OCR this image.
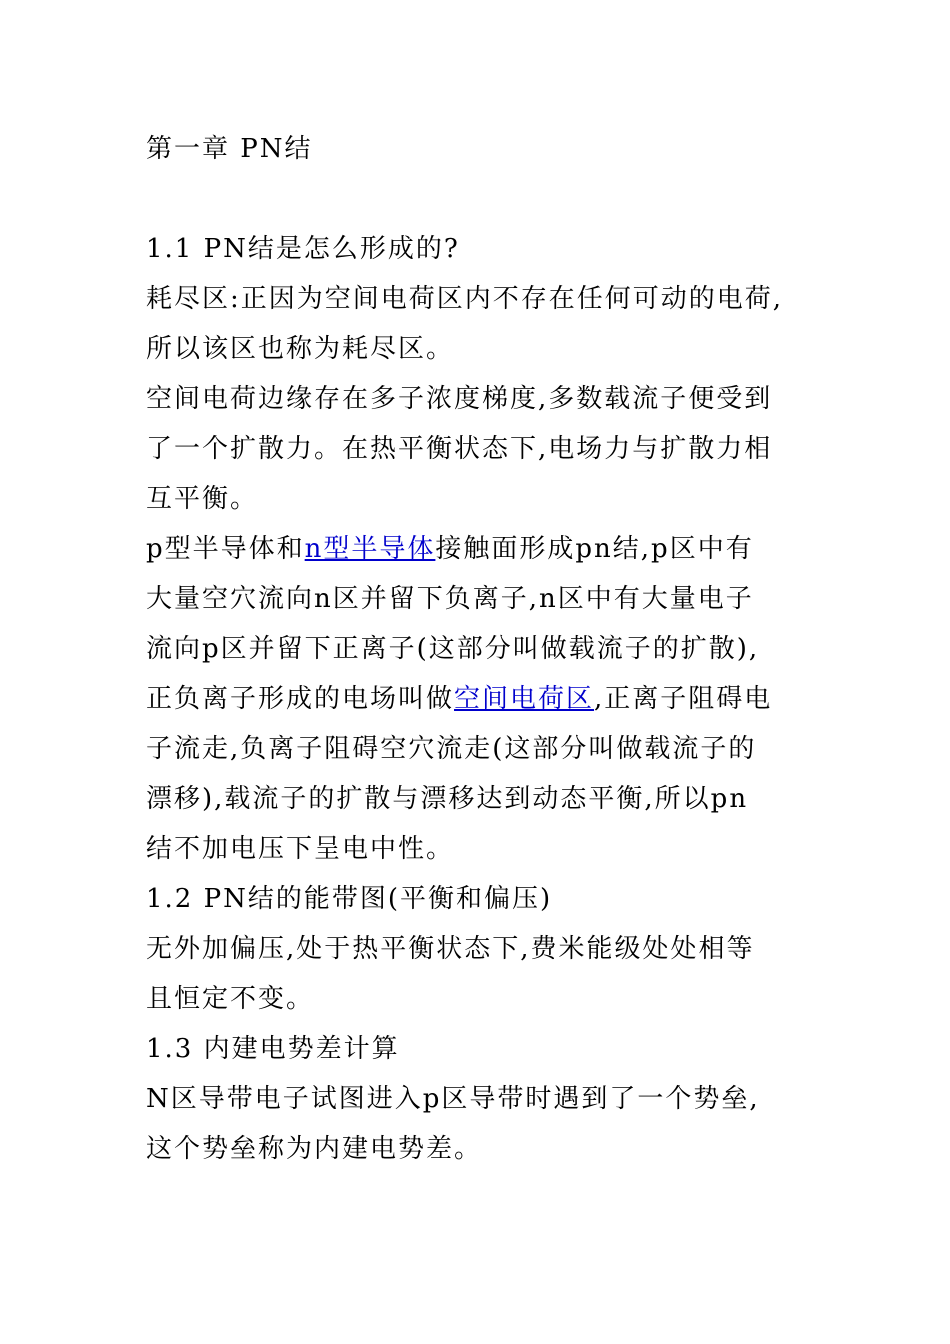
第一章 PN结
1.1 PN结是怎么形成的?
耗尽区:正因为空间电荷区内不存在任何可动的电荷,
所以该区也称为耗尽区。
空间电荷边缘存在多子浓度梯度,多数载流子便受到
了一个扩散力。在热平衡状态下,电场力与扩散力相
互平衡。
p型半导体和n型半导体接触面形成pn结,p区中有
大量空穴流向n区并留下负离子,n区中有大量电子
流向p区并留下正离子(这部分叫做载流子的扩散),
正负离子形成的电场叫做空间电荷区,正离子阻碍电
子流走,负离子阻碍空穴流走(这部分叫做载流子的
漂移),载流子的扩散与漂移达到动态平衡,所以pn
结不加电压下呈电中性。
1.2 PN结的能带图(平衡和偏压)
无外加偏压,处于热平衡状态下,费米能级处处相等
且恒定不变。
1.3 内建电势差计算
N区导带电子试图进入p区导带时遇到了一个势垒,
这个势垒称为内建电势差。
